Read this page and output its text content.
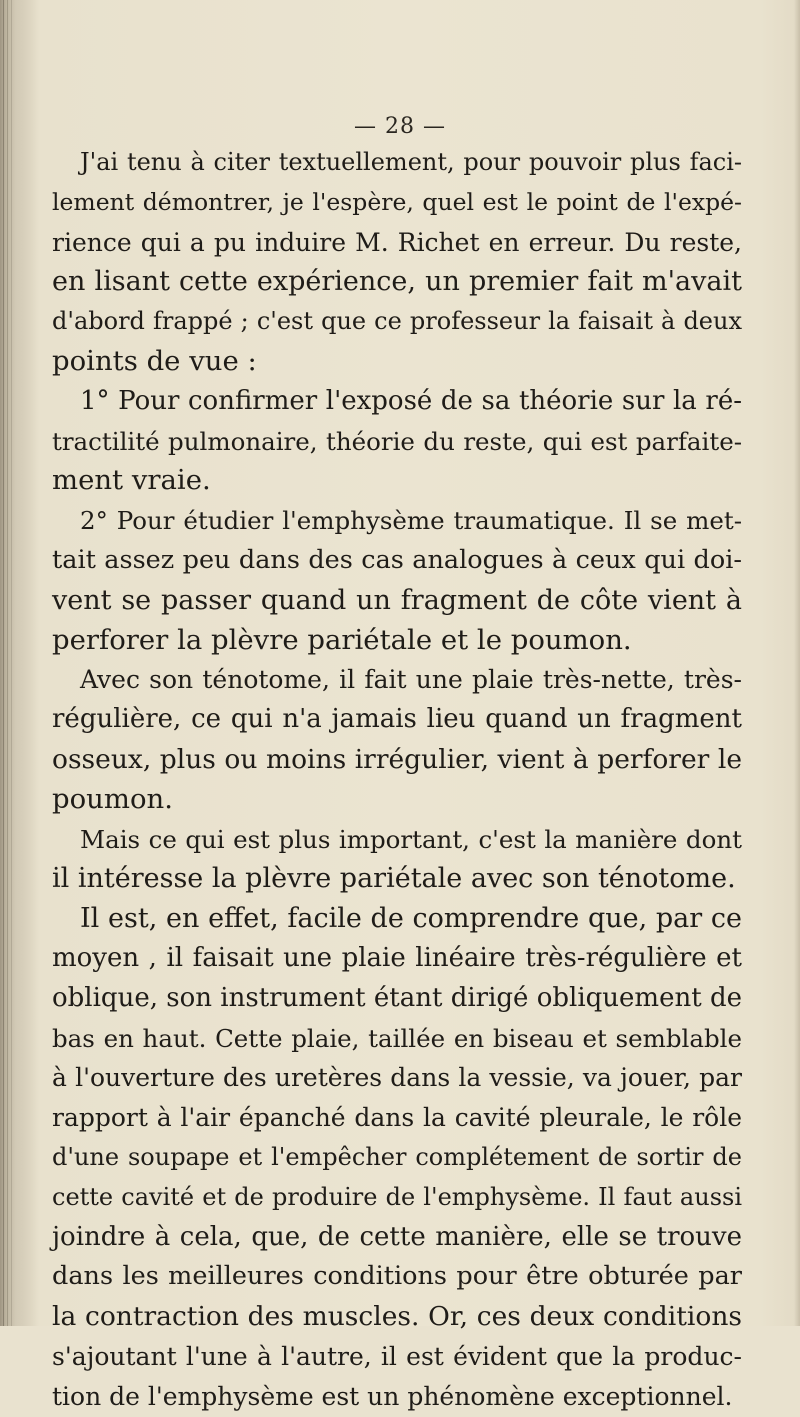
— 28 —
J'ai tenu à citer textuellement, pour pouvoir plus faci-
lement démontrer, je l'espère, quel est le point de l'expé-
rience qui a pu induire M. Richet en erreur. Du reste,
en lisant cette expérience, un premier fait m'avait
d'abord frappé ; c'est que ce professeur la faisait à deux
points de vue :
1° Pour confirmer l'exposé de sa théorie sur la ré-
tractilité pulmonaire, théorie du reste, qui est parfaite-
ment vraie.
2° Pour étudier l'emphysème traumatique. Il se met-
tait assez peu dans des cas analogues à ceux qui doi-
vent se passer quand un fragment de côte vient à
perforer la plèvre pariétale et le poumon.
Avec son ténotome, il fait une plaie très-nette, très-
régulière, ce qui n'a jamais lieu quand un fragment
osseux, plus ou moins irrégulier, vient à perforer le
poumon.
Mais ce qui est plus important, c'est la manière dont
il intéresse la plèvre pariétale avec son ténotome.
Il est, en effet, facile de comprendre que, par ce
moyen , il faisait une plaie linéaire très-régulière et
oblique, son instrument étant dirigé obliquement de
bas en haut. Cette plaie, taillée en biseau et semblable
à l'ouverture des uretères dans la vessie, va jouer, par
rapport à l'air épanché dans la cavité pleurale, le rôle
d'une soupape et l'empêcher complétement de sortir de
cette cavité et de produire de l'emphysème. Il faut aussi
joindre à cela, que, de cette manière, elle se trouve
dans les meilleures conditions pour être obturée par
la contraction des muscles. Or, ces deux conditions
s'ajoutant l'une à l'autre, il est évident que la produc-
tion de l'emphysème est un phénomène exceptionnel.
